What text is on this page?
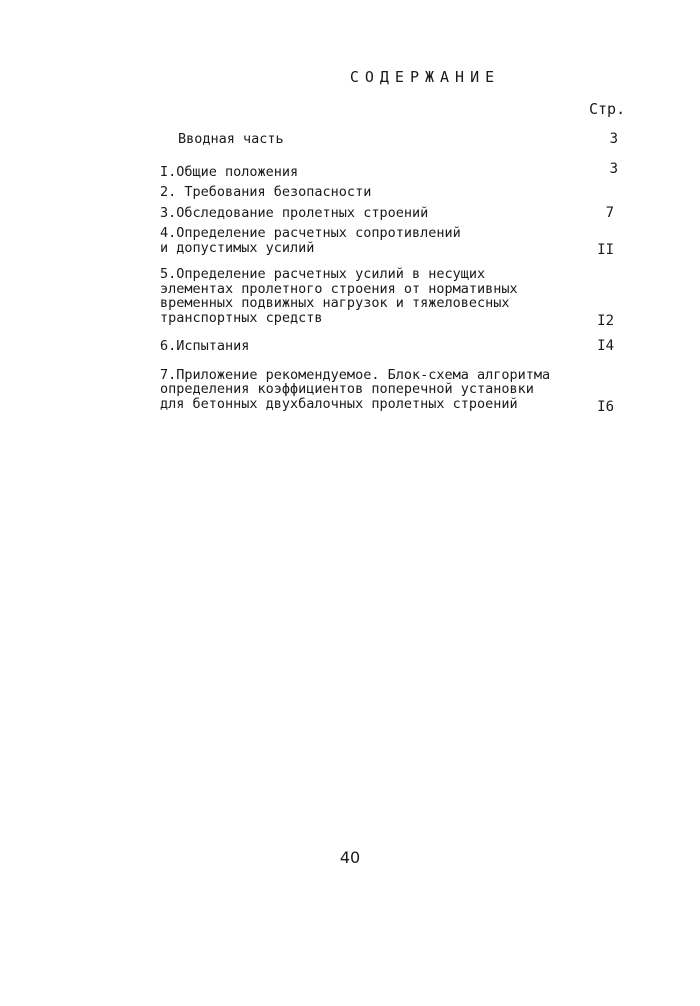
СОДЕРЖАНИЕ
Стр.
Вводная часть	3
I.Общие положения	3
2. Требования безопасности
3.Обследование пролетных строений	7
4.Определение расчетных сопротивлений
и допустимых усилий	II
5.Определение расчетных усилий в несущих
элементах пролетного строения от нормативных
временных подвижных нагрузок и тяжеловесных
транспортных средств	I2
6.Испытания	I4
7.Приложение рекомендуемое. Блок-схема алгоритма
определения коэффициентов поперечной установки
для бетонных двухбалочных пролетных строений	I6
40
